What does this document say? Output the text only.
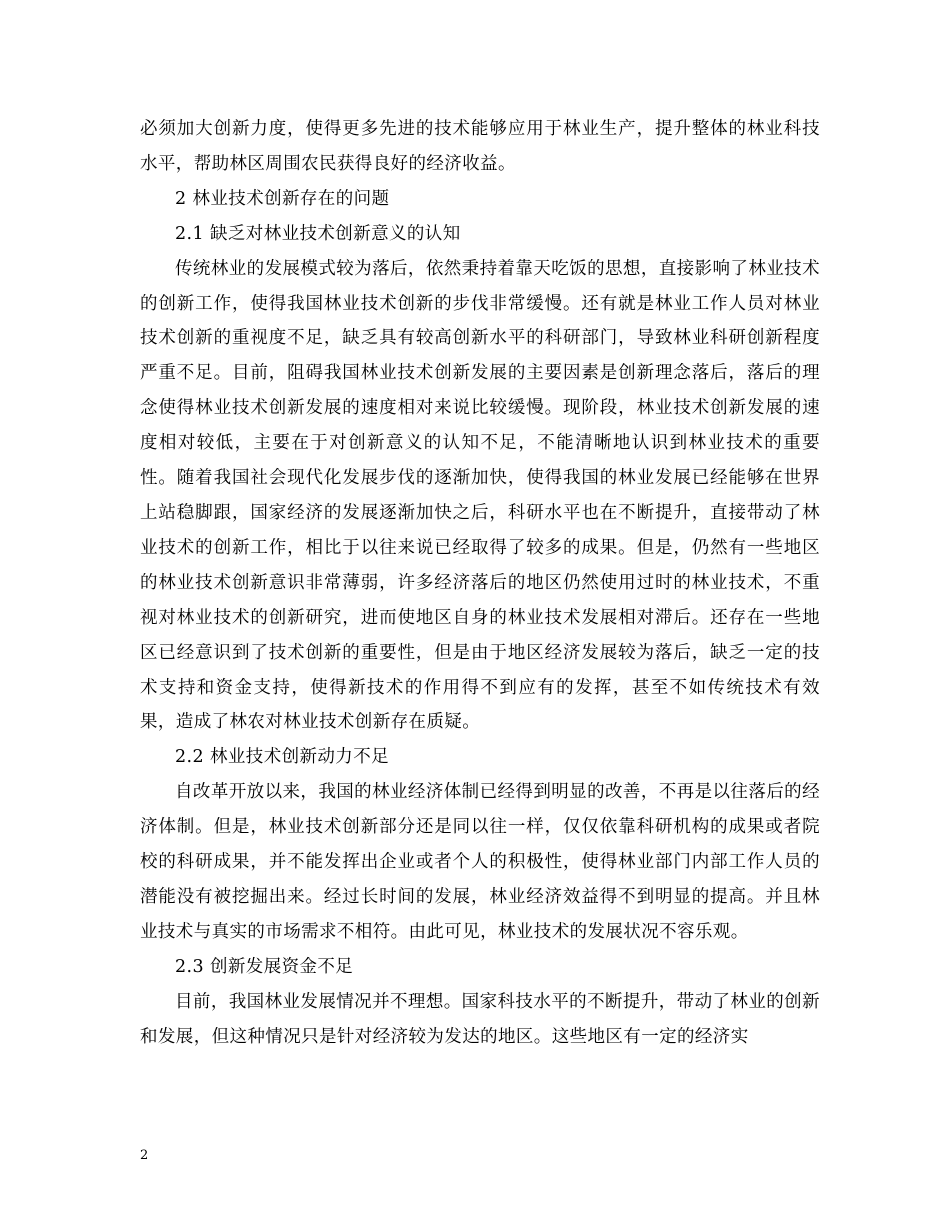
必须加大创新力度，使得更多先进的技术能够应用于林业生产，提升整体的林业科技水平，帮助林区周围农民获得良好的经济收益。

2 林业技术创新存在的问题

2.1 缺乏对林业技术创新意义的认知

传统林业的发展模式较为落后，依然秉持着靠天吃饭的思想，直接影响了林业技术的创新工作，使得我国林业技术创新的步伐非常缓慢。还有就是林业工作人员对林业技术创新的重视度不足，缺乏具有较高创新水平的科研部门，导致林业科研创新程度严重不足。目前，阻碍我国林业技术创新发展的主要因素是创新理念落后，落后的理念使得林业技术创新发展的速度相对来说比较缓慢。现阶段，林业技术创新发展的速度相对较低，主要在于对创新意义的认知不足，不能清晰地认识到林业技术的重要性。随着我国社会现代化发展步伐的逐渐加快，使得我国的林业发展已经能够在世界上站稳脚跟，国家经济的发展逐渐加快之后，科研水平也在不断提升，直接带动了林业技术的创新工作，相比于以往来说已经取得了较多的成果。但是，仍然有一些地区的林业技术创新意识非常薄弱，许多经济落后的地区仍然使用过时的林业技术，不重视对林业技术的创新研究，进而使地区自身的林业技术发展相对滞后。还存在一些地区已经意识到了技术创新的重要性，但是由于地区经济发展较为落后，缺乏一定的技术支持和资金支持，使得新技术的作用得不到应有的发挥，甚至不如传统技术有效果，造成了林农对林业技术创新存在质疑。

2.2 林业技术创新动力不足

自改革开放以来，我国的林业经济体制已经得到明显的改善，不再是以往落后的经济体制。但是，林业技术创新部分还是同以往一样，仅仅依靠科研机构的成果或者院校的科研成果，并不能发挥出企业或者个人的积极性，使得林业部门内部工作人员的潜能没有被挖掘出来。经过长时间的发展，林业经济效益得不到明显的提高。并且林业技术与真实的市场需求不相符。由此可见，林业技术的发展状况不容乐观。

2.3 创新发展资金不足

目前，我国林业发展情况并不理想。国家科技水平的不断提升，带动了林业的创新和发展，但这种情况只是针对经济较为发达的地区。这些地区有一定的经济实

2
